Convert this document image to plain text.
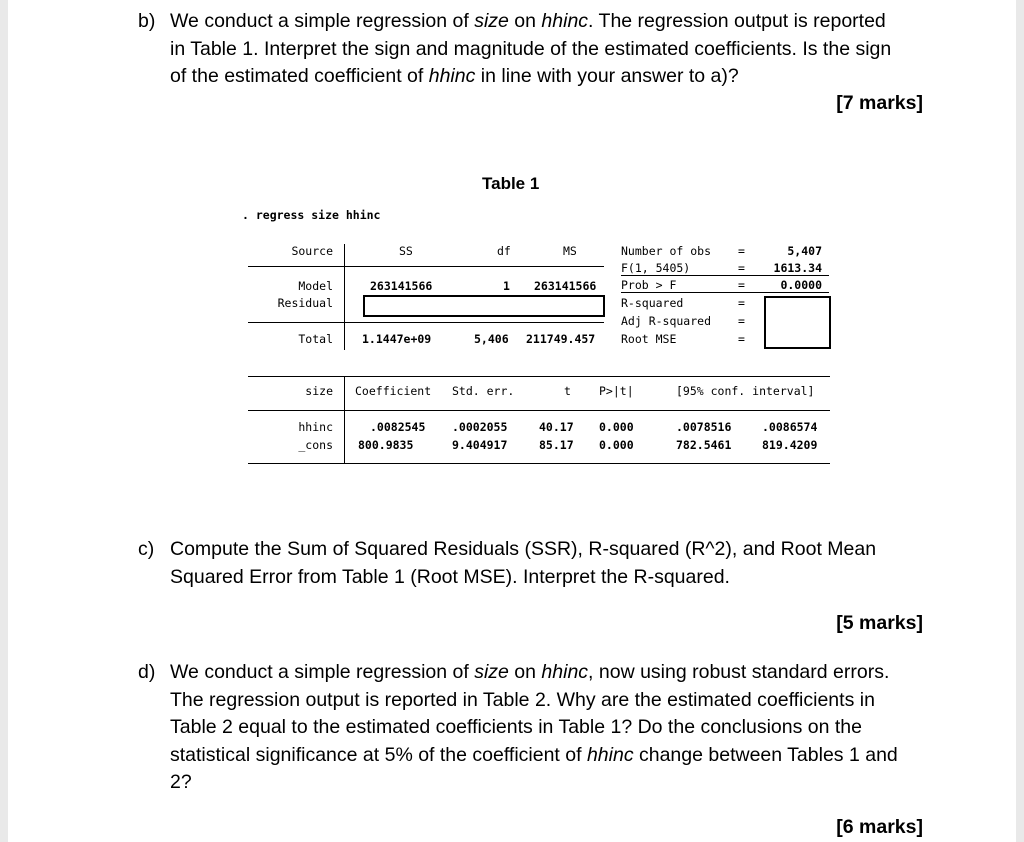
Table 1
. regress size hhinc
Source	SS	df	MS
Model	263141566	1 263141566
Residual
Total	1.1447e+09	5,406 211749.457
Number of obs =	5,407
F(1, 5405)	=	1613.34
Prob > F	=	0.0000
R-squared	=
Adj R-squared =
Root MSE	=
size Coefficient Std. err.	t P>|t|	[95% conf. interval]
hhinc	.0082545 .0002055	40.17 0.000	.0078516	.0086574
_cons 800.9835	9.404917	85.17 0.000	782.5461	819.4209
[7 marks]
[5 marks]
[6 marks]
b) We conduct a simple regression of size on hhinc. The regression output is reported
in Table 1. Interpret the sign and magnitude of the estimated coefficients. Is the sign
of the estimated coefficient of hhinc in line with your answer to a)?
c) Compute the Sum of Squared Residuals (SSR), R-squared (R^2), and Root Mean
Squared Error from Table 1 (Root MSE). Interpret the R-squared.
d) We conduct a simple regression of size on hhinc, now using robust standard errors.
The regression output is reported in Table 2. Why are the estimated coefficients in
Table 2 equal to the estimated coefficients in Table 1? Do the conclusions on the
statistical significance at 5% of the coefficient of hhinc change between Tables 1 and
2?
